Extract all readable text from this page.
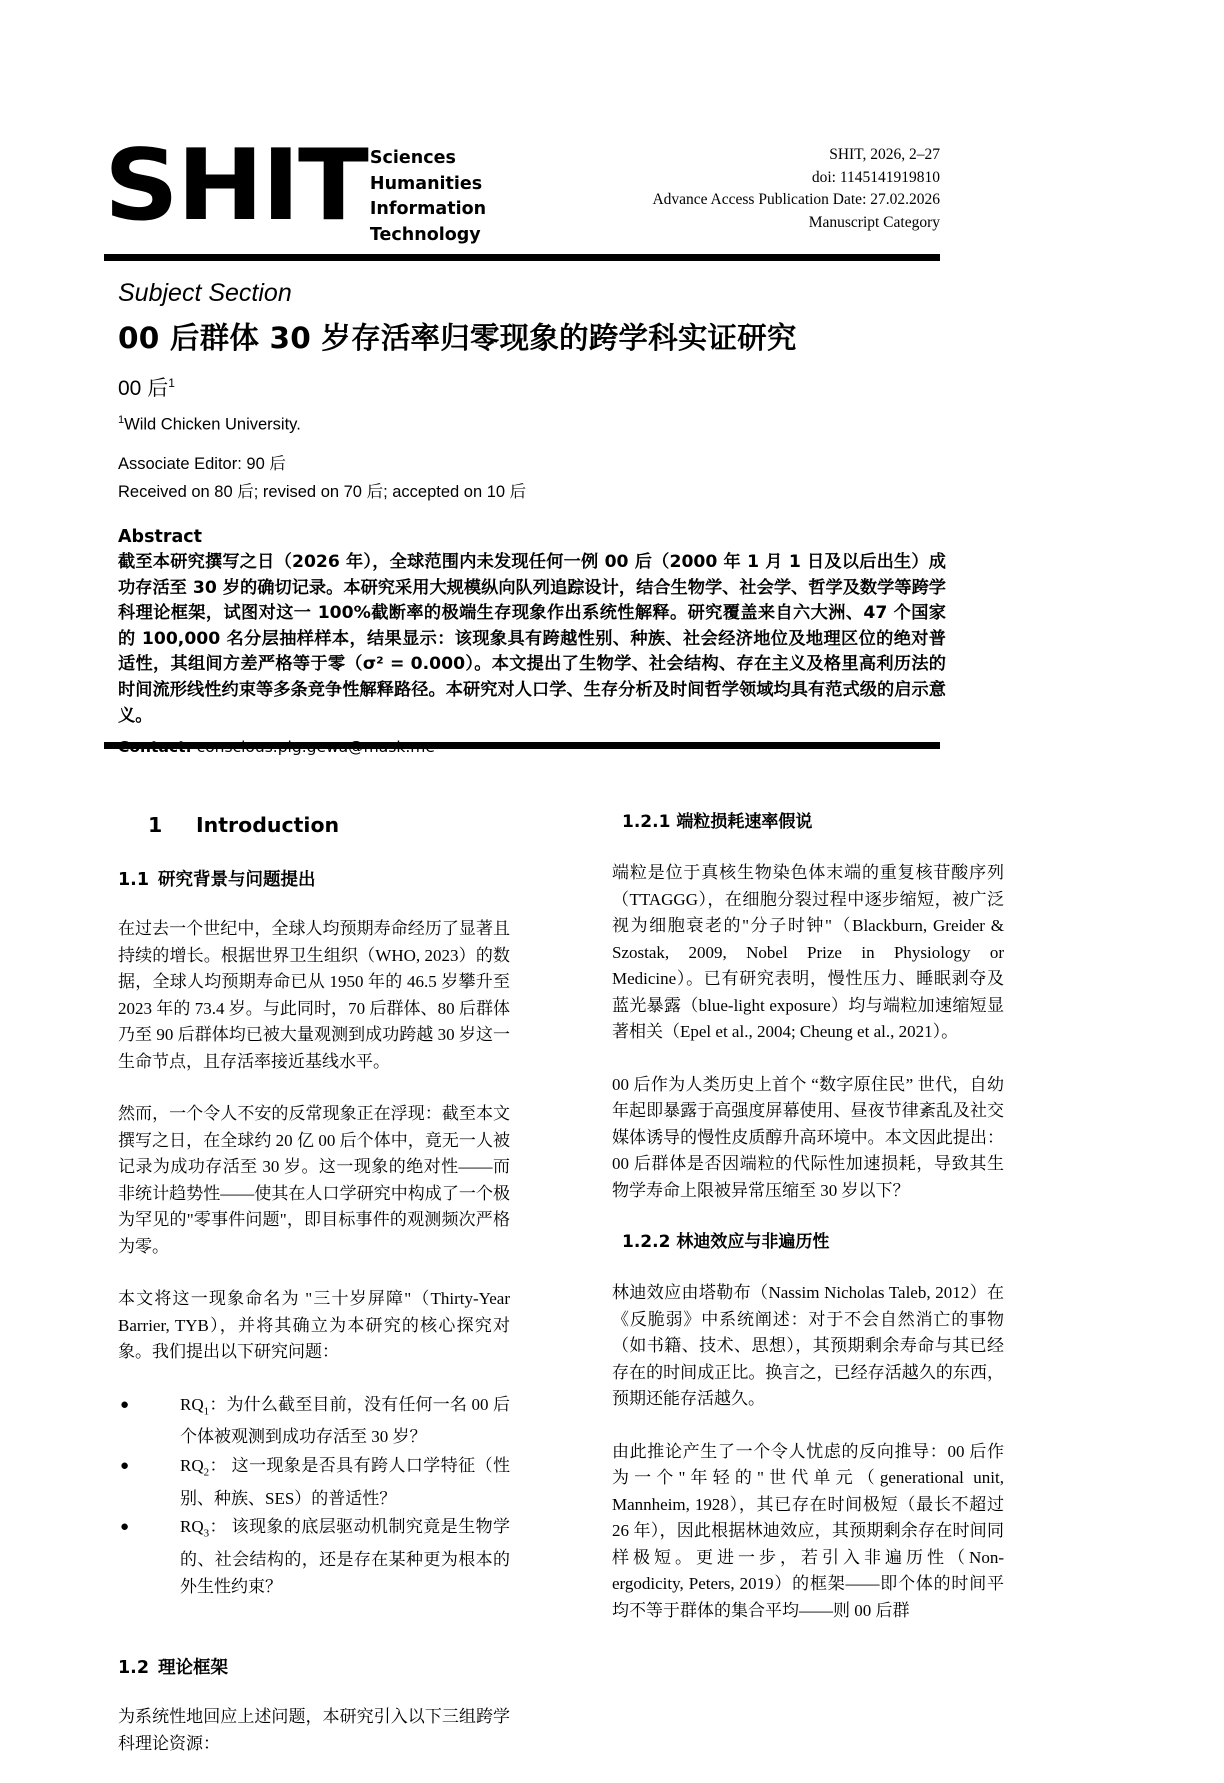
SHIT Sciences
Humanities
Information
Technology
SHIT, 2026, 2–27
doi: 1145141919810
Advance Access Publication Date: 27.02.2026
Manuscript Category
Subject Section
00 后群体 30 岁存活率归零现象的跨学科实证研究
00 后$^1$

$^1$Wild Chicken University.

Associate Editor: 90 后

Received on 80 后; revised on 70 后; accepted on 10 后

Abstract

截至本研究撰写之日（2026 年），全球范围内未发现任何一例 00 后（2000 年 1 月 1 日及以后出生）成功存活至 30 岁的确切记录。本研究采用大规模纵向队列追踪设计，结合生物学、社会学、哲学及数学等跨学科理论框架，试图对这一 100%截断率的极端生存现象作出系统性解释。研究覆盖来自六大洲、47 个国家的 100,000 名分层抽样样本，结果显示：该现象具有跨越性别、种族、社会经济地位及地理区位的绝对普适性，其组间方差严格等于零（σ² = 0.000）。本文提出了生物学、社会结构、存在主义及格里高利历法的时间流形线性约束等多条竞争性解释路径。本研究对人口学、生存分析及时间哲学领域均具有范式级的启示意义。

1 Introduction
1.1 研究背景与问题提出

在过去一个世纪中，全球人均预期寿命经历了显著且持续的增长。根据世界卫生组织（WHO, 2023）的数据，全球人均预期寿命已从 1950 年的 46.5 岁攀升至 2023 年的 73.4 岁。与此同时，70 后群体、80 后群体乃至 90 后群体均已被大量观测到成功跨越 30 岁这一生命节点，且存活率接近基线水平。

然而，一个令人不安的反常现象正在浮现：截至本文撰写之日，在全球约 20 亿 00 后个体中，竟无一人被记录为成功存活至 30 岁。这一现象的绝对性——而非统计趋势性——使其在人口学研究中构成了一个极为罕见的"零事件问题"，即目标事件的观测频次严格为零。

本文将这一现象命名为 "三十岁屏障"（Thirty-Year Barrier, TYB），并将其确立为本研究的核心探究对象。我们提出以下研究问题：

●	$RQ_1$：为什么截至目前，没有任何一名 00 后个体被观测到成功存活至 30 岁？
●	$RQ_2$： 这一现象是否具有跨人口学特征（性别、种族、SES）的普适性？
●	$RQ_3$： 该现象的底层驱动机制究竟是生物学的、社会结构的，还是存在某种更为根本的外生性约束？
1.2 理论框架

为系统性地回应上述问题，本研究引入以下三组跨学科理论资源：

1.2.1 端粒损耗速率假说

端粒是位于真核生物染色体末端的重复核苷酸序列（TTAGGG），在细胞分裂过程中逐步缩短，被广泛视为细胞衰老的"分子时钟"（Blackburn, Greider & Szostak, 2009, Nobel Prize in Physiology or Medicine）。已有研究表明，慢性压力、睡眠剥夺及蓝光暴露（blue-light exposure）均与端粒加速缩短显著相关（Epel et al., 2004; Cheung et al., 2021）。

00 后作为人类历史上首个 “数字原住民” 世代，自幼年起即暴露于高强度屏幕使用、昼夜节律紊乱及社交媒体诱导的慢性皮质醇升高环境中。本文因此提出：00 后群体是否因端粒的代际性加速损耗，导致其生物学寿命上限被异常压缩至 30 岁以下？

1.2.2 林迪效应与非遍历性

林迪效应由塔勒布（Nassim Nicholas Taleb, 2012）在《反脆弱》中系统阐述：对于不会自然消亡的事物（如书籍、技术、思想），其预期剩余寿命与其已经存在的时间成正比。换言之，已经存活越久的东西，预期还能存活越久。

由此推论产生了一个令人忧虑的反向推导：00 后作为一个"年轻的"世代单元（generational unit, Mannheim, 1928），其已存在时间极短（最长不超过 26 年），因此根据林迪效应，其预期剩余存在时间同样极短。更进一步，若引入非遍历性（Non-ergodicity, Peters, 2019）的框架——即个体的时间平均不等于群体的集合平均——则 00 后群
